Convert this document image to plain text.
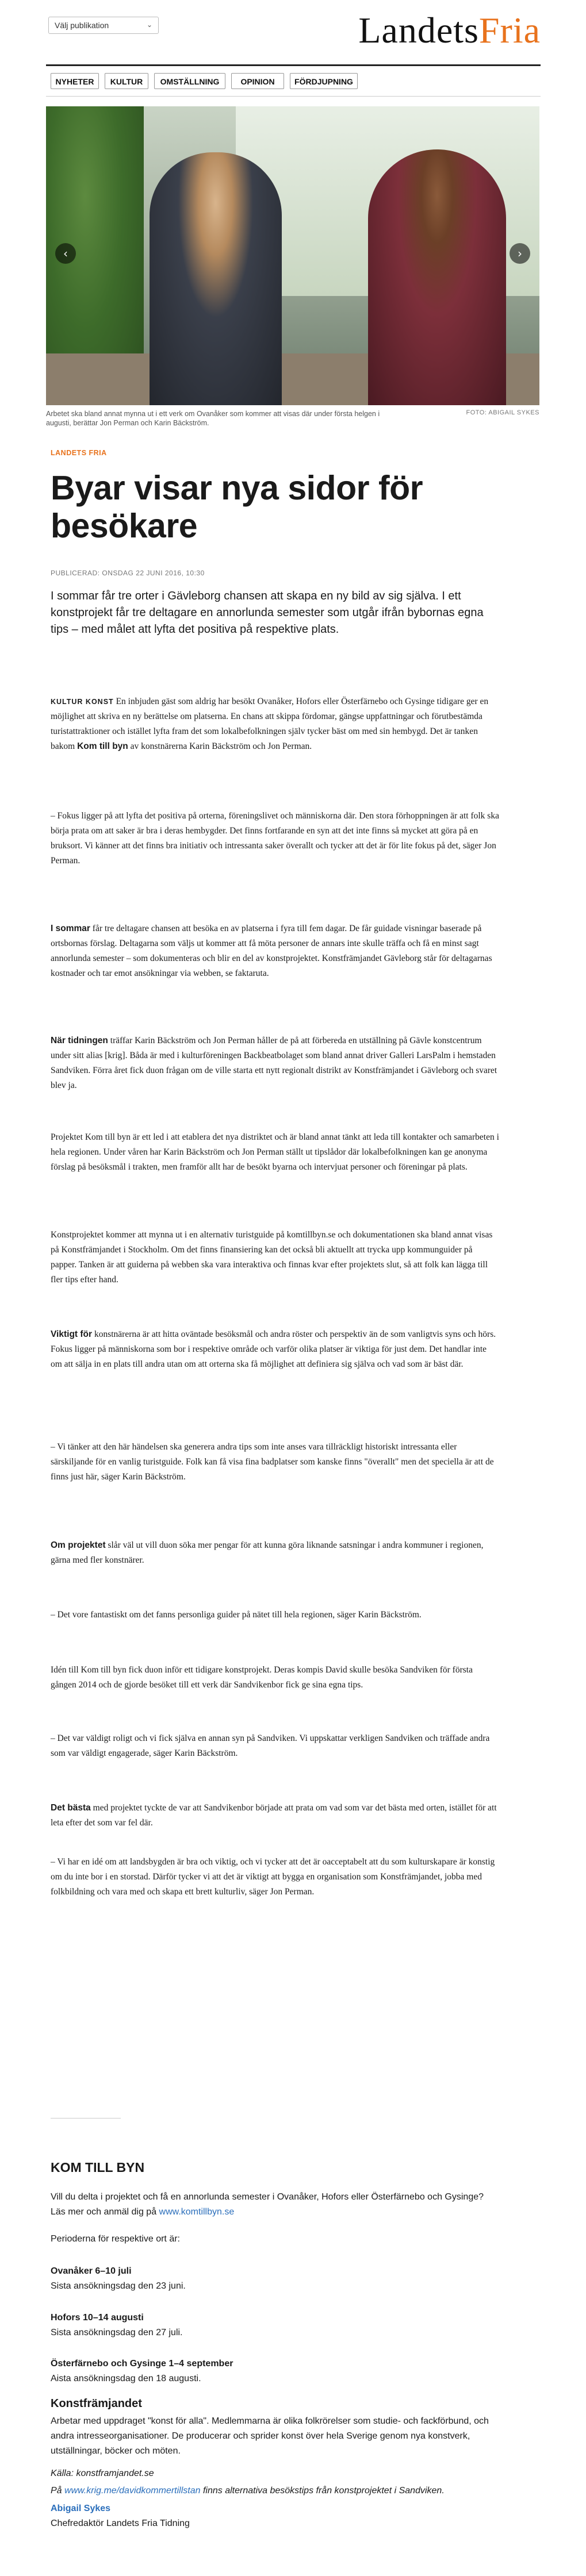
Välj publikation	⌄	LandetsFria
NYHETER	KULTUR	OMSTÄLLNING	OPINION	FÖRDJUPNING
‹	›
Arbetet ska bland annat mynna ut i ett verk om Ovanåker som kommer att visas där under första helgen i augusti, berättar Jon Perman och Karin Bäckström.
FOTO: ABIGAIL SYKES
LANDETS FRIA
Byar visar nya sidor för besökare
PUBLICERAD: ONSDAG 22 JUNI 2016, 10:30
I sommar får tre orter i Gävleborg chansen att skapa en ny bild av sig själva. I ett konstprojekt får tre deltagare en annorlunda semester som utgår ifrån bybornas egna tips – med målet att lyfta det positiva på respektive plats.
KULTUR KONST En inbjuden gäst som aldrig har besökt Ovanåker, Hofors eller Österfärnebo och Gysinge tidigare ger en möjlighet att skriva en ny berättelse om platserna. En chans att skippa fördomar, gängse uppfattningar och förutbestämda turistattraktioner och istället lyfta fram det som lokalbefolkningen själv tycker bäst om med sin hembygd. Det är tanken bakom Kom till byn av konstnärerna Karin Bäckström och Jon Perman.
– Fokus ligger på att lyfta det positiva på orterna, föreningslivet och människorna där. Den stora förhoppningen är att folk ska börja prata om att saker är bra i deras hembygder. Det finns fortfarande en syn att det inte finns så mycket att göra på en bruksort. Vi känner att det finns bra initiativ och intressanta saker överallt och tycker att det är för lite fokus på det, säger Jon Perman.
I sommar får tre deltagare chansen att besöka en av platserna i fyra till fem dagar. De får guidade visningar baserade på ortsbornas förslag. Deltagarna som väljs ut kommer att få möta personer de annars inte skulle träffa och få en minst sagt annorlunda semester – som dokumenteras och blir en del av konstprojektet. Konstfrämjandet Gävleborg står för deltagarnas kostnader och tar emot ansökningar via webben, se faktaruta.
När tidningen träffar Karin Bäckström och Jon Perman håller de på att förbereda en utställning på Gävle konstcentrum under sitt alias [krig]. Båda är med i kulturföreningen Backbeatbolaget som bland annat driver Galleri LarsPalm i hemstaden Sandviken. Förra året fick duon frågan om de ville starta ett nytt regionalt distrikt av Konstfrämjandet i Gävleborg och svaret blev ja.
Projektet Kom till byn är ett led i att etablera det nya distriktet och är bland annat tänkt att leda till kontakter och samarbeten i hela regionen. Under våren har Karin Bäckström och Jon Perman ställt ut tipslådor där lokalbefolkningen kan ge anonyma förslag på besöksmål i trakten, men framför allt har de besökt byarna och intervjuat personer och föreningar på plats.
Konstprojektet kommer att mynna ut i en alternativ turistguide på komtillbyn.se och dokumentationen ska bland annat visas på Konstfrämjandet i Stockholm. Om det finns finansiering kan det också bli aktuellt att trycka upp kommunguider på papper. Tanken är att guiderna på webben ska vara interaktiva och finnas kvar efter projektets slut, så att folk kan lägga till fler tips efter hand.
Viktigt för konstnärerna är att hitta oväntade besöksmål och andra röster och perspektiv än de som vanligtvis syns och hörs. Fokus ligger på människorna som bor i respektive område och varför olika platser är viktiga för just dem. Det handlar inte om att sälja in en plats till andra utan om att orterna ska få möjlighet att definiera sig själva och vad som är bäst där.
– Vi tänker att den här händelsen ska generera andra tips som inte anses vara tillräckligt historiskt intressanta eller särskiljande för en vanlig turistguide. Folk kan få visa fina badplatser som kanske finns "överallt" men det speciella är att de finns just här, säger Karin Bäckström.
Om projektet slår väl ut vill duon söka mer pengar för att kunna göra liknande satsningar i andra kommuner i regionen, gärna med fler konstnärer.
– Det vore fantastiskt om det fanns personliga guider på nätet till hela regionen, säger Karin Bäckström.
Idén till Kom till byn fick duon inför ett tidigare konstprojekt. Deras kompis David skulle besöka Sandviken för första gången 2014 och de gjorde besöket till ett verk där Sandvikenbor fick ge sina egna tips.
– Det var väldigt roligt och vi fick själva en annan syn på Sandviken. Vi uppskattar verkligen Sandviken och träffade andra som var väldigt engagerade, säger Karin Bäckström.
Det bästa med projektet tyckte de var att Sandvikenbor började att prata om vad som var det bästa med orten, istället för att leta efter det som var fel där.
– Vi har en idé om att landsbygden är bra och viktig, och vi tycker att det är oacceptabelt att du som kulturskapare är konstig om du inte bor i en storstad. Därför tycker vi att det är viktigt att bygga en organisation som Konstfrämjandet, jobba med folkbildning och vara med och skapa ett brett kulturliv, säger Jon Perman.
KOM TILL BYN

Vill du delta i projektet och få en annorlunda semester i Ovanåker, Hofors eller Österfärnebo och Gysinge? Läs mer och anmäl dig på www.komtillbyn.se

Perioderna för respektive ort är:

Ovanåker 6–10 juli

Sista ansökningsdag den 23 juni.

Hofors 10–14 augusti

Sista ansökningsdag den 27 juli.

Österfärnebo och Gysinge 1–4 september

Aista ansökningsdag den 18 augusti.

Konstfrämjandet

Arbetar med uppdraget "konst för alla". Medlemmarna är olika folkrörelser som studie- och fackförbund, och andra intresseorganisationer. De producerar och sprider konst över hela Sverige genom nya konstverk, utställningar, böcker och möten.

Källa: konstframjandet.se

På www.krig.me/davidkommertillstan finns alternativa besökstips från konstprojektet i Sandviken.

Abigail Sykes
Chefredaktör Landets Fria Tidning
